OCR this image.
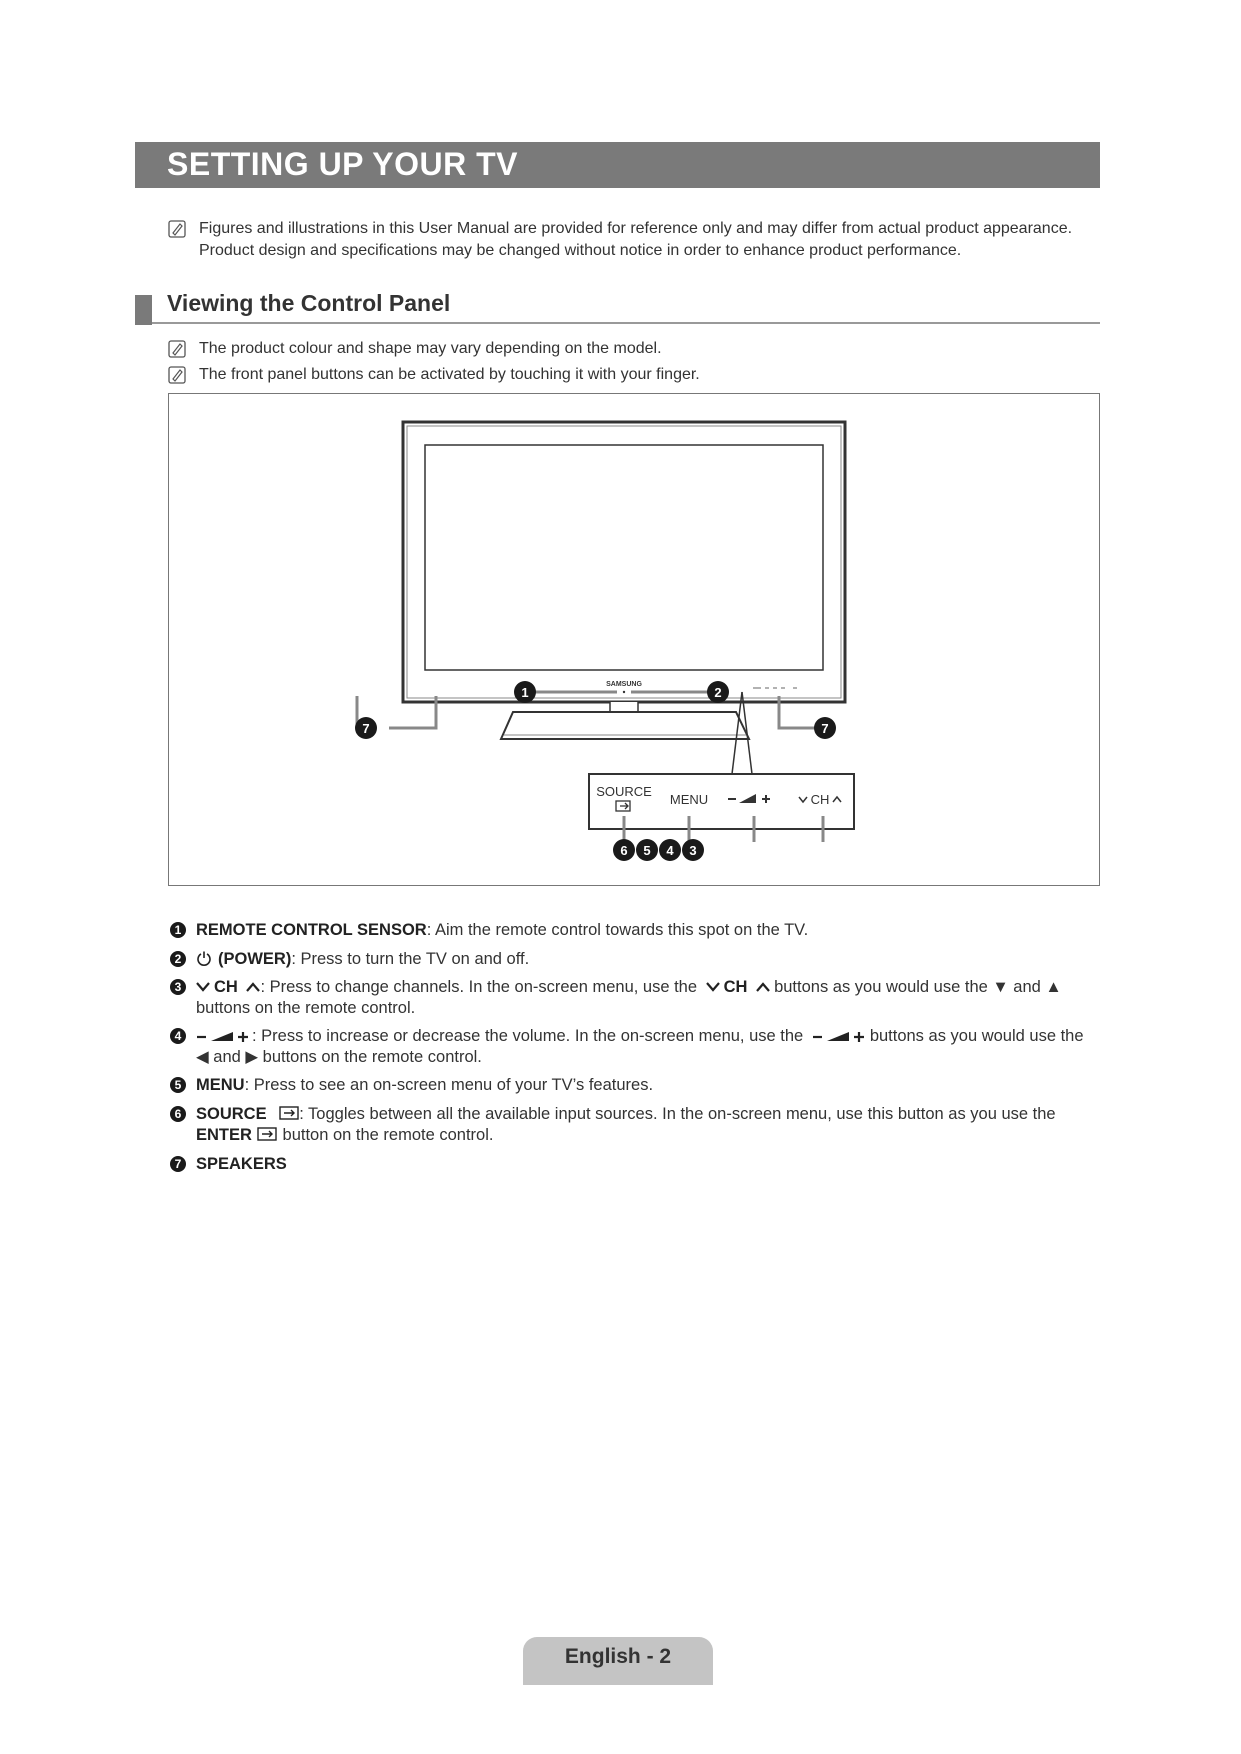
SETTING UP YOUR TV
Figures and illustrations in this User Manual are provided for reference only and may differ from actual product appearance.
Product design and specifications may be changed without notice in order to enhance product performance.
Viewing the Control Panel
The product colour and shape may vary depending on the model.
The front panel buttons can be activated by touching it with your finger.
SAMSUNG
SOURCE
MENU	CH
1	2
7	7
6 5 4 3
1 REMOTE CONTROL SENSOR: Aim the remote control towards this spot on the TV.
2	(POWER): Press to turn the TV on and off.
3	CH : Press to change channels. In the on-screen menu, use the CH buttons as you would use the ▼ and ▲
buttons on the remote control.
4	: Press to increase or decrease the volume. In the on-screen menu, use the	buttons as you would use the
◀ and ▶ buttons on the remote control.
5 MENU: Press to see an on-screen menu of your TV’s features.
6 SOURCE : Toggles between all the available input sources. In the on-screen menu, use this button as you use the
ENTER button on the remote control.
7 SPEAKERS
English - 2
